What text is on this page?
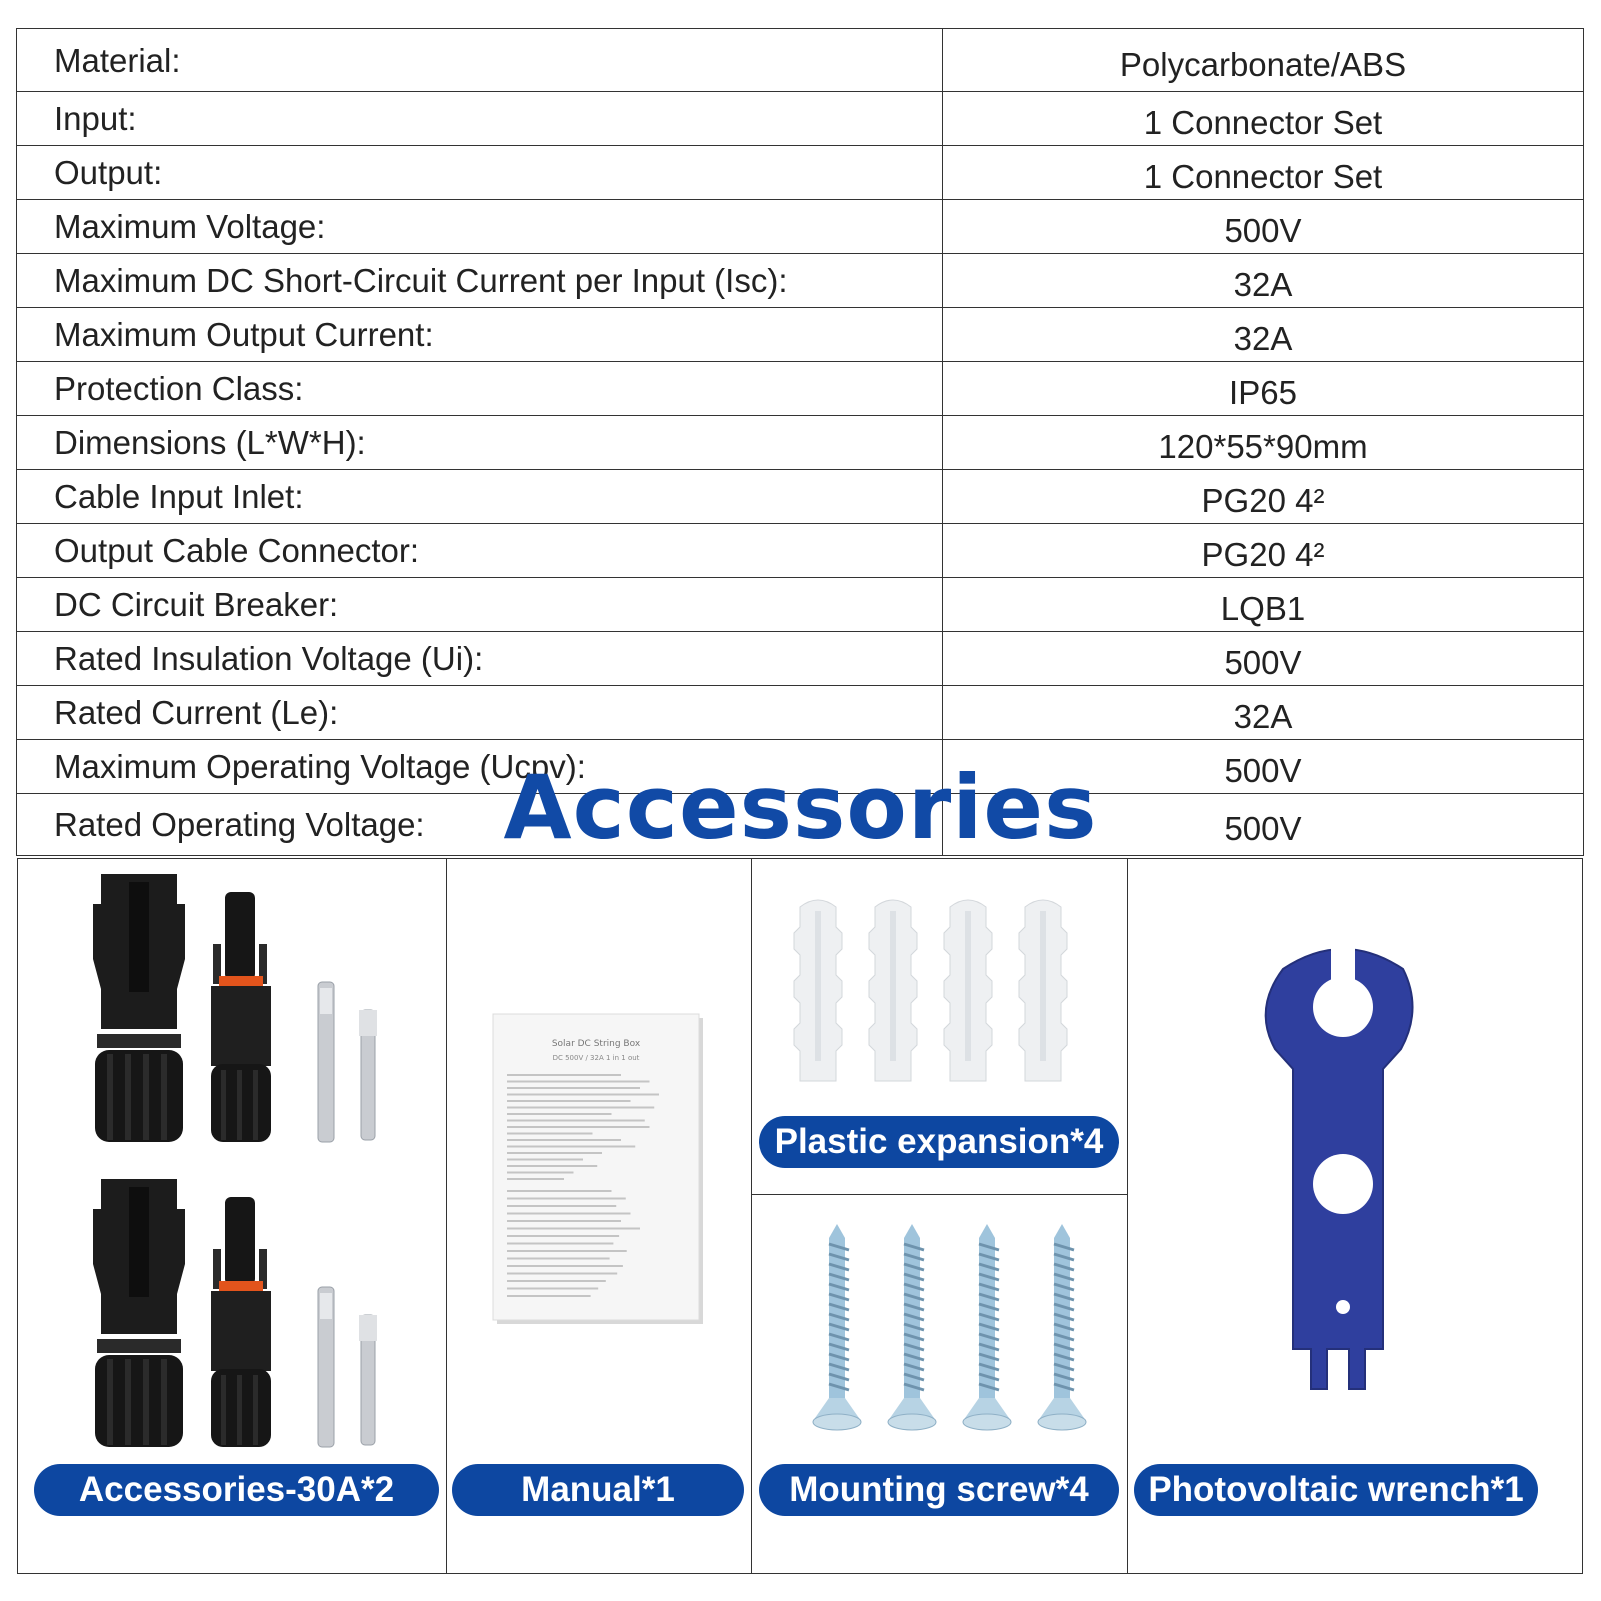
Material:	Polycarbonate/ABS
Input:	1 Connector Set
Output:	1 Connector Set
Maximum Voltage:	500V
Maximum DC Short-Circuit Current per Input (Isc):	32A
Maximum Output Current:	32A
Protection Class:	IP65
Dimensions (L*W*H):	120*55*90mm
Cable Input Inlet:	PG20 4²
Output Cable Connector:	PG20 4²
DC Circuit Breaker:	LQB1
Rated Insulation Voltage (Ui):	500V
Rated Current (Le):	32A
Maximum Operating Voltage (Ucpv):	500V
Rated Operating Voltage:	500V
Accessories
Solar DC String Box
DC 500V / 32A 1 in 1 out
Accessories-30A*2	Manual*1
Plastic expansion*4
Mounting screw*4	Photovoltaic wrench*1
